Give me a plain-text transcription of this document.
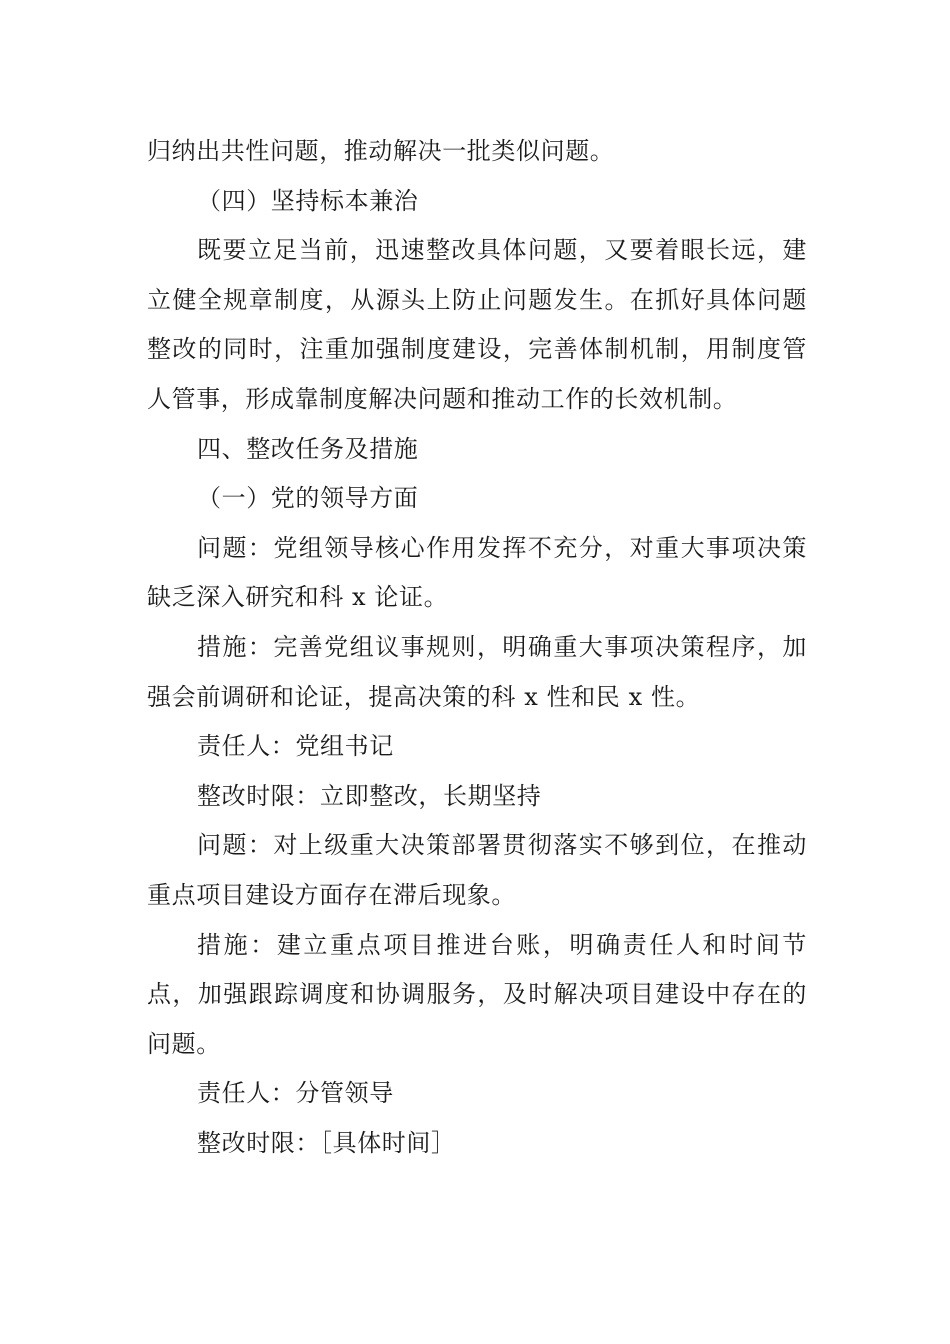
归纳出共性问题，推动解决一批类似问题。

（四）坚持标本兼治

既要立足当前，迅速整改具体问题，又要着眼长远，建立健全规章制度，从源头上防止问题发生。在抓好具体问题整改的同时，注重加强制度建设，完善体制机制，用制度管人管事，形成靠制度解决问题和推动工作的长效机制。

四、整改任务及措施

（一）党的领导方面

问题：党组领导核心作用发挥不充分，对重大事项决策缺乏深入研究和科 x 论证。

措施：完善党组议事规则，明确重大事项决策程序，加强会前调研和论证，提高决策的科 x 性和民 x 性。

责任人：党组书记

整改时限：立即整改，长期坚持

问题：对上级重大决策部署贯彻落实不够到位，在推动重点项目建设方面存在滞后现象。

措施：建立重点项目推进台账，明确责任人和时间节点，加强跟踪调度和协调服务，及时解决项目建设中存在的问题。

责任人：分管领导

整改时限：［具体时间］
